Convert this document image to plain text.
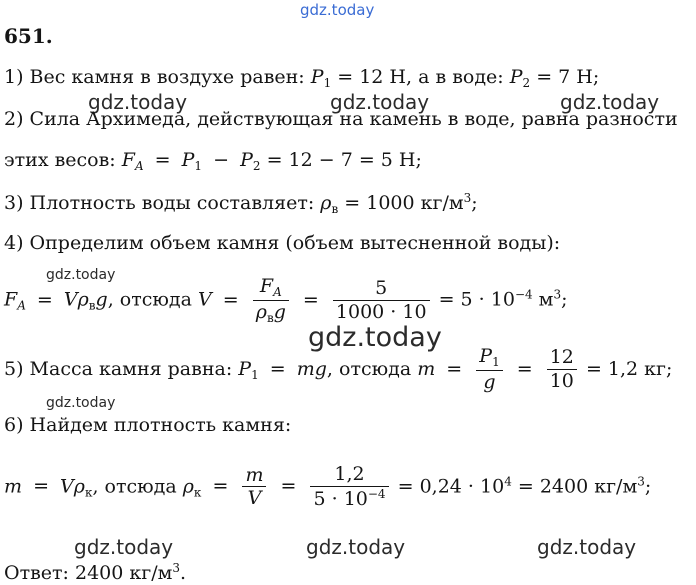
gdz.today
gdz.today	gdz.today	gdz.today
gdz.today
gdz.today
gdz.today
gdz.today	gdz.today	gdz.today
651.
1) Вес камня в воздухе равен: $P_1 = 12$ Н, а в воде: $P_2 = 7$ Н;
2) Сила Архимеда, действующая на камень в воде, равна разности
этих весов: $F_A = P_1 - P_2 = 12 - 7 = 5$ Н;
3) Плотность воды составляет: $\rho_в = 1000$ $кг/м^3$;
4) Определим объем камня (объем вытесненной воды):
$F_A = V\rho_вg$, отсюда $V = \frac{F_A}{\rho_вg} = \frac{5}{1000 \cdot 10} = 5 \cdot 10^{-4}$ $м^3$;
5) Масса камня равна: $P_1$ = mg, отсюда $m = \frac{P_1}{g} = \frac{12}{10} = 1,2$ кг;
6) Найдем плотность камня:
$m = V\rho_к$, отсюда $\rho_к = \frac{m}{V} = \frac{1,2}{5 \cdot 10^{-4}} = 0,24 \cdot 10^4 = 2400$ $кг/м^3$;
Ответ: 2400 $кг/м^3$.
